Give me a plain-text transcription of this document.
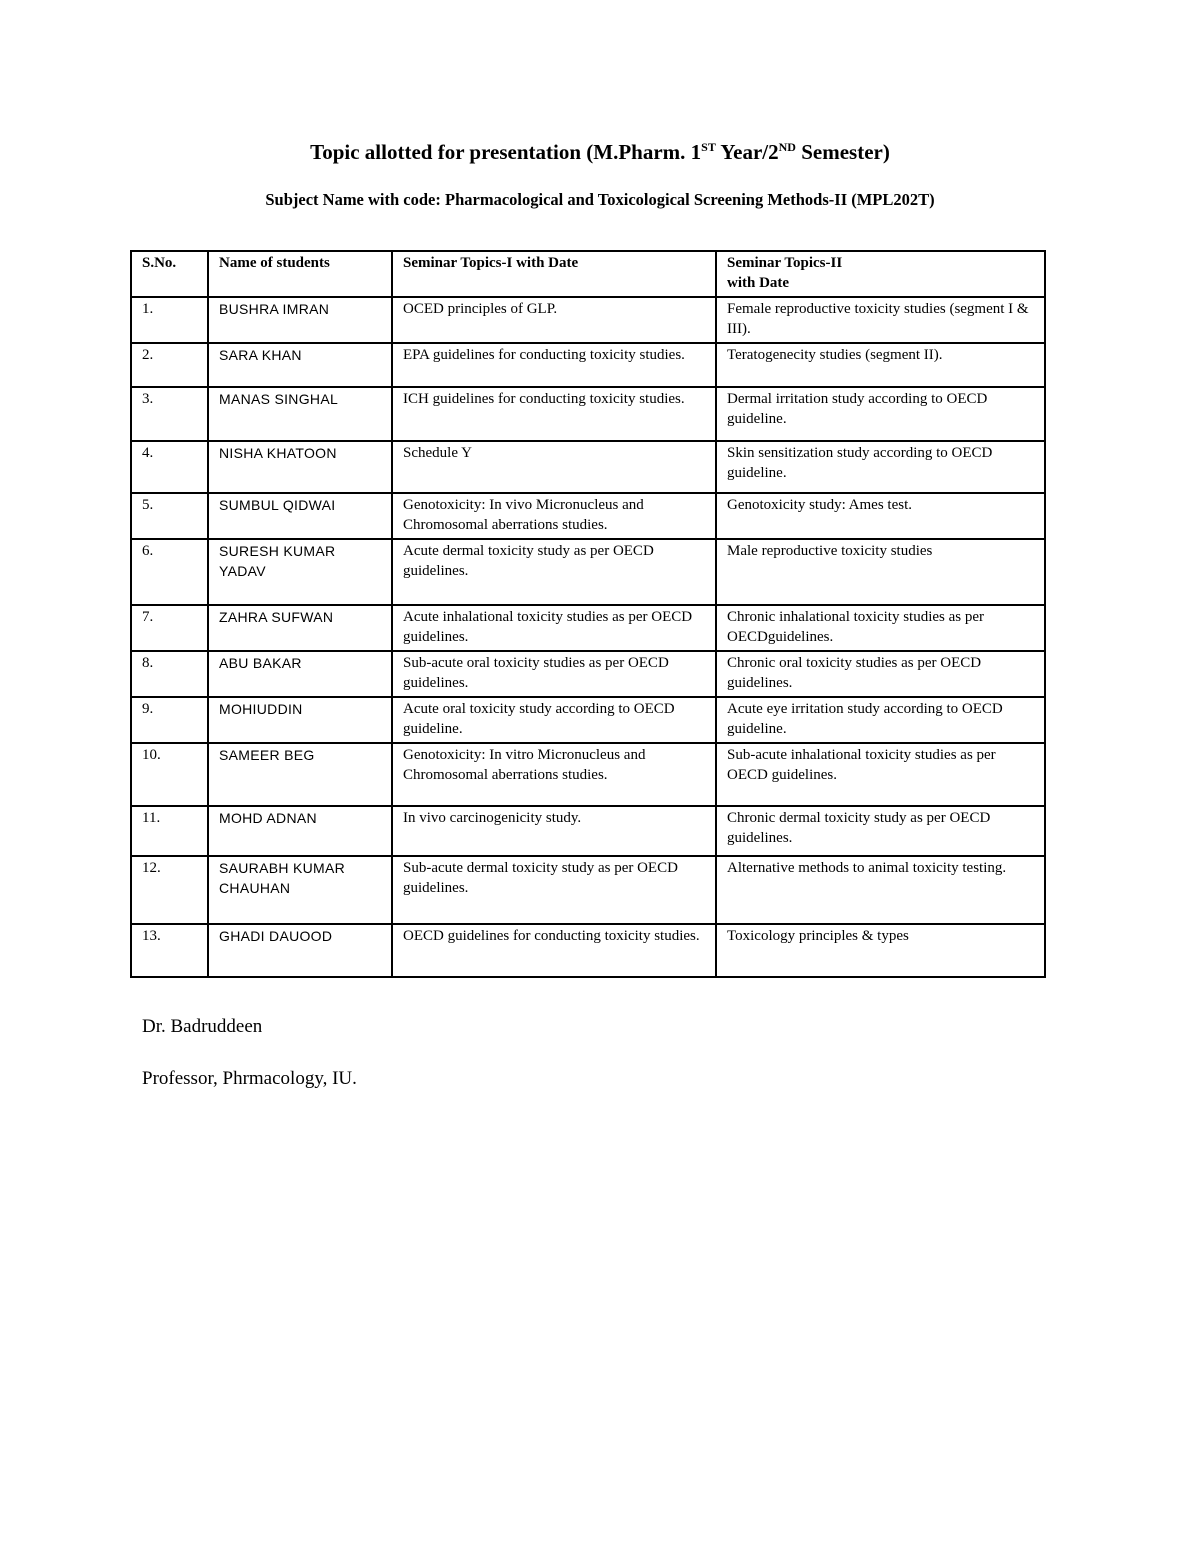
Topic allotted for presentation (M.Pharm. 1ST Year/2ND Semester)
Subject Name with code: Pharmacological and Toxicological Screening Methods-II (MPL202T)
S.No.	Name of students	Seminar Topics-I with Date	Seminar Topics-II
with Date
1.	BUSHRA IMRAN	OCED principles of GLP.	Female reproductive toxicity studies (segment I & III).
2.	SARA KHAN	EPA guidelines for conducting toxicity studies.	Teratogenecity studies (segment II).
3.	MANAS SINGHAL	ICH guidelines for conducting toxicity studies.	Dermal irritation study according to OECD guideline.
4.	NISHA KHATOON	Schedule Y	Skin sensitization study according to OECD guideline.
5.	SUMBUL QIDWAI	Genotoxicity: In vivo Micronucleus and Chromosomal aberrations studies.	Genotoxicity study: Ames test.
6.	SURESH KUMAR YADAV	Acute dermal toxicity study as per OECD guidelines.	Male reproductive toxicity studies
7.	ZAHRA SUFWAN	Acute inhalational toxicity studies as per OECD guidelines.	Chronic inhalational toxicity studies as per OECDguidelines.
8.	ABU BAKAR	Sub-acute oral toxicity studies as per OECD guidelines.	Chronic oral toxicity studies as per OECD guidelines.
9.	MOHIUDDIN	Acute oral toxicity study according to OECD guideline.	Acute eye irritation study according to OECD guideline.
10.	SAMEER BEG	Genotoxicity: In vitro Micronucleus and Chromosomal aberrations studies.	Sub-acute inhalational toxicity studies as per OECD guidelines.
11.	MOHD ADNAN	In vivo carcinogenicity study.	Chronic dermal toxicity study as per OECD guidelines.
12.	SAURABH KUMAR CHAUHAN	Sub-acute dermal toxicity study as per OECD guidelines.	Alternative methods to animal toxicity testing.
13.	GHADI DAUOOD	OECD guidelines for conducting toxicity studies.	Toxicology principles & types
Dr. Badruddeen
Professor, Phrmacology, IU.
